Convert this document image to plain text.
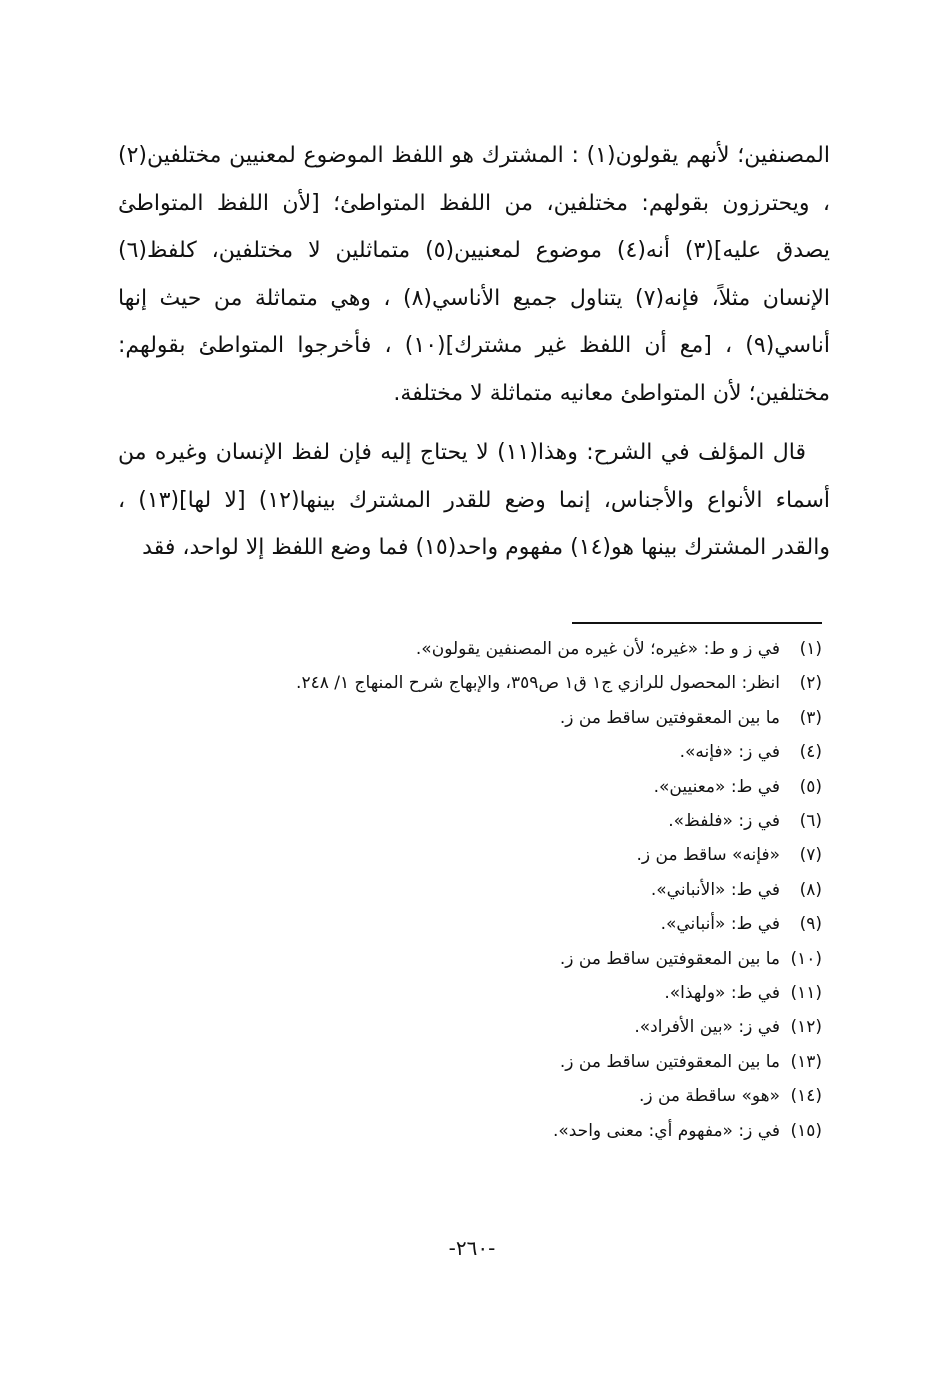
المصنفين؛ لأنهم يقولون(١) : المشترك هو اللفظ الموضوع لمعنيين مختلفين(٢) ، ويحترزون بقولهم: مختلفين، من اللفظ المتواطئ؛ [لأن اللفظ المتواطئ يصدق عليه](٣) أنه(٤) موضوع لمعنيين(٥) متماثلين لا مختلفين، كلفظ(٦) الإنسان مثلاً، فإنه(٧) يتناول جميع الأناسي(٨) ، وهي متماثلة من حيث إنها أناسي(٩) ، [مع أن اللفظ غير مشترك](١٠) ، فأخرجوا المتواطئ بقولهم: مختلفين؛ لأن المتواطئ معانيه متماثلة لا مختلفة.

قال المؤلف في الشرح: وهذا(١١) لا يحتاج إليه فإن لفظ الإنسان وغيره من أسماء الأنواع والأجناس، إنما وضع للقدر المشترك بينها(١٢) [لا لها](١٣) ، والقدر المشترك بينها هو(١٤) مفهوم واحد(١٥) فما وضع اللفظ إلا لواحد، فقد

(١)في ز و ط: «غيره؛ لأن غيره من المصنفين يقولون».
(٢)انظر: المحصول للرازي ج١ ق١ ص٣٥٩، والإبهاج شرح المنهاج ١/ ٢٤٨.
(٣)ما بين المعقوفتين ساقط من ز.
(٤)في ز: «فإنه».
(٥)في ط: «معنيين».
(٦)في ز: «فلفظ».
(٧)«فإنه» ساقط من ز.
(٨)في ط: «الأنباني».
(٩)في ط: «أنباني».
(١٠)ما بين المعقوفتين ساقط من ز.
(١١)في ط: «ولهذا».
(١٢)في ز: «بين الأفراد».
(١٣)ما بين المعقوفتين ساقط من ز.
(١٤)«هو» ساقطة من ز.
(١٥)في ز: «مفهوم أي: معنى واحد».
-٢٦٠-
